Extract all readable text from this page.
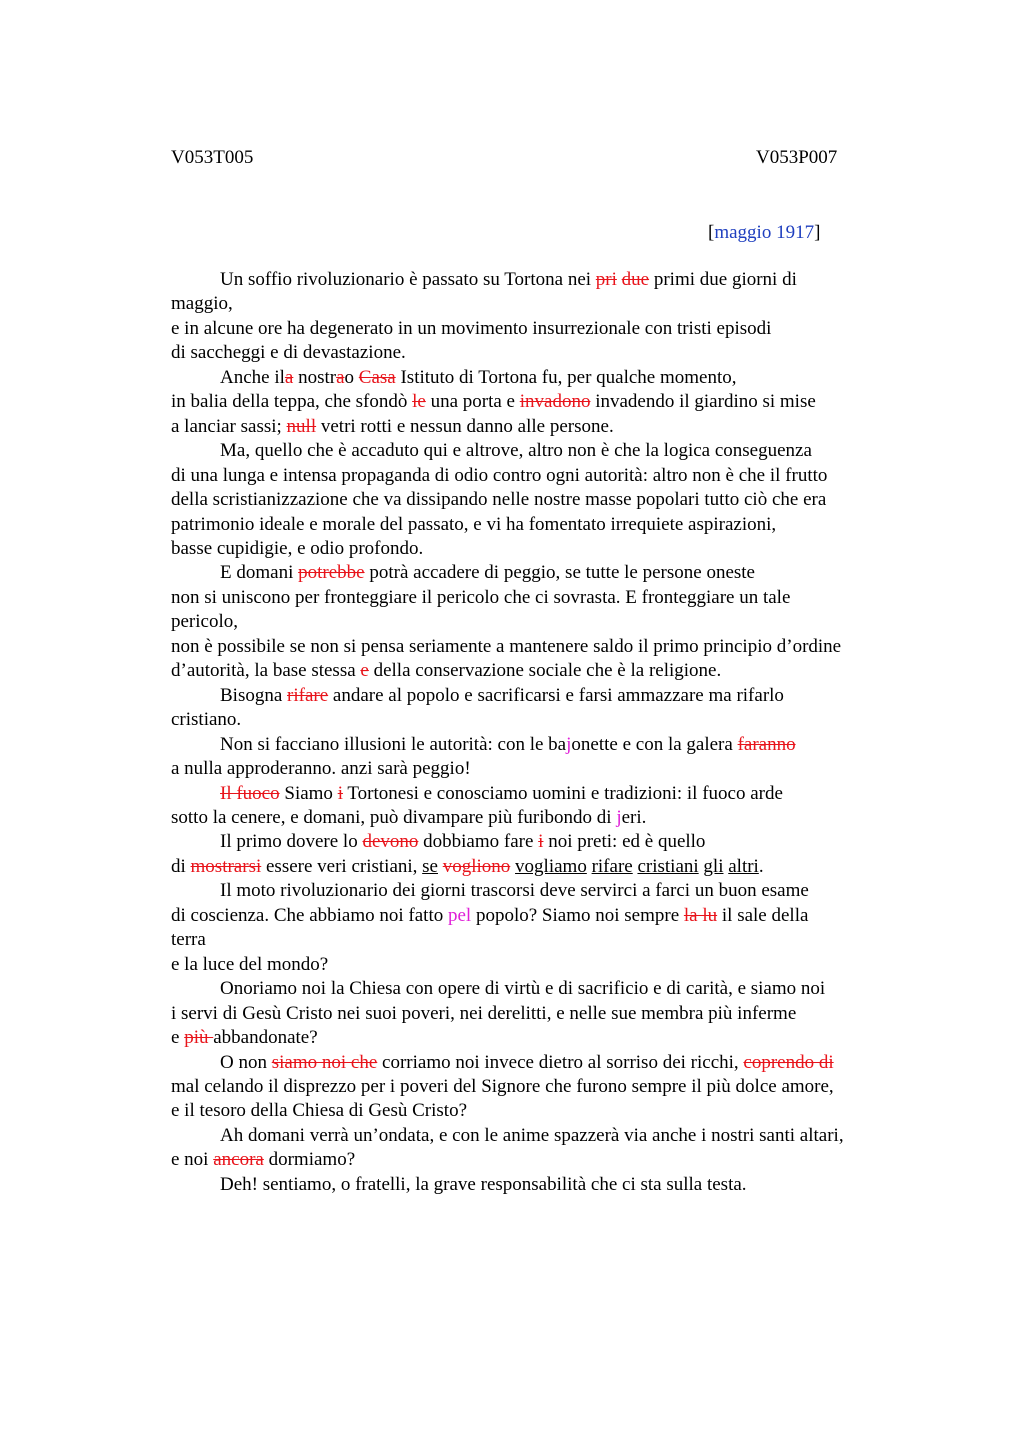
V053T005	V053P007
[maggio 1917]
Un soffio rivoluzionario è passato su Tortona nei pri due primi due giorni di
maggio,
e in alcune ore ha degenerato in un movimento insurrezionale con tristi episodi
di saccheggi e di devastazione.
Anche ila nostrao Casa Istituto di Tortona fu, per qualche momento,
in balia della teppa, che sfondò le una porta e invadono invadendo il giardino si mise
a lanciar sassi; null vetri rotti e nessun danno alle persone.
Ma, quello che è accaduto qui e altrove, altro non è che la logica conseguenza
di una lunga e intensa propaganda di odio contro ogni autorità: altro non è che il frutto
della scristianizzazione che va dissipando nelle nostre masse popolari tutto ciò che era
patrimonio ideale e morale del passato, e vi ha fomentato irrequiete aspirazioni,
basse cupidigie, e odio profondo.
E domani potrebbe potrà accadere di peggio, se tutte le persone oneste
non si uniscono per fronteggiare il pericolo che ci sovrasta. E fronteggiare un tale
pericolo,
non è possibile se non si pensa seriamente a mantenere saldo il primo principio d’ordine
d’autorità, la base stessa e della conservazione sociale che è la religione.
Bisogna rifare andare al popolo e sacrificarsi e farsi ammazzare ma rifarlo
cristiano.
Non si facciano illusioni le autorità: con le bajonette e con la galera faranno
a nulla approderanno. anzi sarà peggio!
Il fuoco Siamo i Tortonesi e conosciamo uomini e tradizioni: il fuoco arde
sotto la cenere, e domani, può divampare più furibondo di jeri.
Il primo dovere lo devono dobbiamo fare i noi preti: ed è quello
di mostrarsi essere veri cristiani, se vogliono vogliamo rifare cristiani gli altri.
Il moto rivoluzionario dei giorni trascorsi deve servirci a farci un buon esame
di coscienza. Che abbiamo noi fatto pel popolo? Siamo noi sempre la lu il sale della
terra
e la luce del mondo?
Onoriamo noi la Chiesa con opere di virtù e di sacrificio e di carità, e siamo noi
i servi di Gesù Cristo nei suoi poveri, nei derelitti, e nelle sue membra più inferme
e più abbandonate?
O non siamo noi che corriamo noi invece dietro al sorriso dei ricchi, coprendo di
mal celando il disprezzo per i poveri del Signore che furono sempre il più dolce amore,
e il tesoro della Chiesa di Gesù Cristo?
Ah domani verrà un’ondata, e con le anime spazzerà via anche i nostri santi altari,
e noi ancora dormiamo?
Deh! sentiamo, o fratelli, la grave responsabilità che ci sta sulla testa.
